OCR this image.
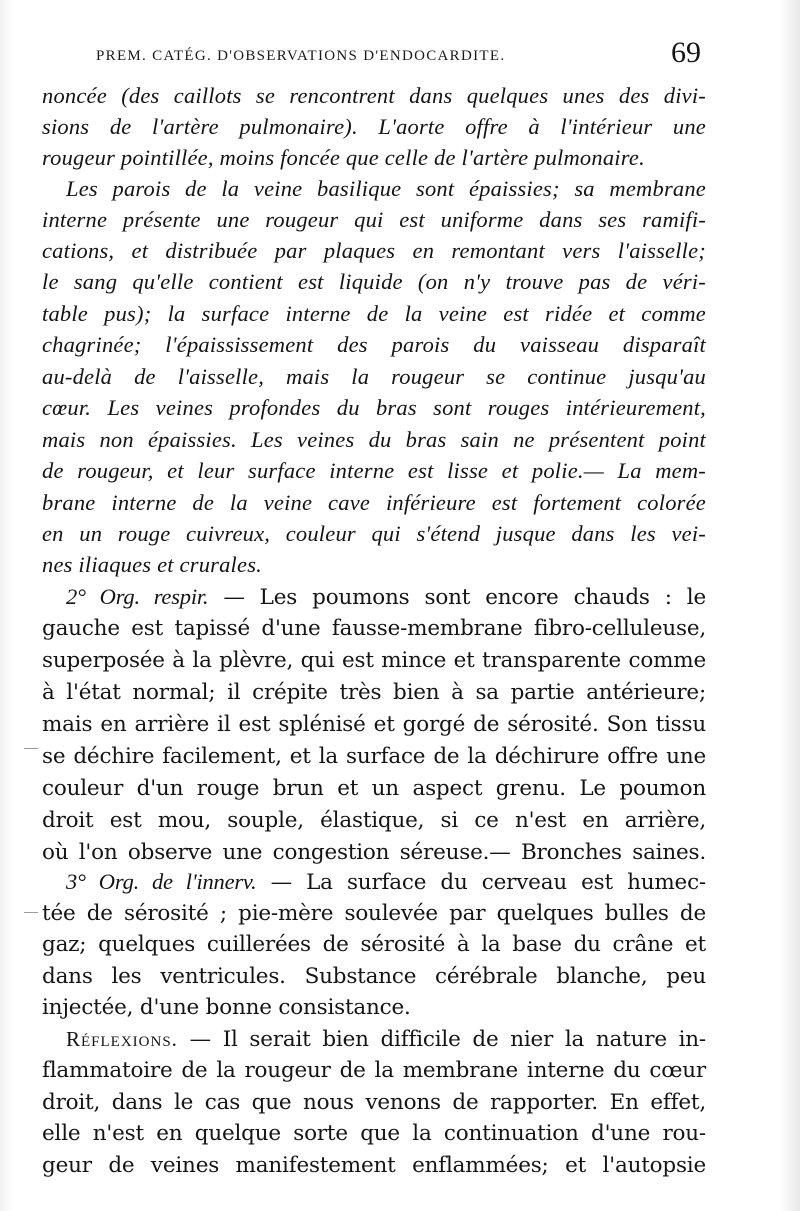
PREM. CATÉG. D'OBSERVATIONS D'ENDOCARDITE.	69
noncée (des caillots se rencontrent dans quelques unes des divi-
sions de l'artère pulmonaire). L'aorte offre à l'intérieur une
rougeur pointillée, moins foncée que celle de l'artère pulmonaire.
Les parois de la veine basilique sont épaissies; sa membrane
interne présente une rougeur qui est uniforme dans ses ramifi-
cations, et distribuée par plaques en remontant vers l'aisselle;
le sang qu'elle contient est liquide (on n'y trouve pas de véri-
table pus); la surface interne de la veine est ridée et comme
chagrinée; l'épaississement des parois du vaisseau disparaît
au-delà de l'aisselle, mais la rougeur se continue jusqu'au
cœur. Les veines profondes du bras sont rouges intérieurement,
mais non épaissies. Les veines du bras sain ne présentent point
de rougeur, et leur surface interne est lisse et polie.— La mem-
brane interne de la veine cave inférieure est fortement colorée
en un rouge cuivreux, couleur qui s'étend jusque dans les vei-
nes iliaques et crurales.
2° Org. respir. — Les poumons sont encore chauds : le
gauche est tapissé d'une fausse-membrane fibro-celluleuse,
superposée à la plèvre, qui est mince et transparente comme
à l'état normal; il crépite très bien à sa partie antérieure;
mais en arrière il est splénisé et gorgé de sérosité. Son tissu
se déchire facilement, et la surface de la déchirure offre une
couleur d'un rouge brun et un aspect grenu. Le poumon
droit est mou, souple, élastique, si ce n'est en arrière,
où l'on observe une congestion séreuse.— Bronches saines.
3° Org. de l'innerv. — La surface du cerveau est humec-
tée de sérosité ; pie-mère soulevée par quelques bulles de
gaz; quelques cuillerées de sérosité à la base du crâne et
dans les ventricules. Substance cérébrale blanche, peu
injectée, d'une bonne consistance.
Réflexions. — Il serait bien difficile de nier la nature in-
flammatoire de la rougeur de la membrane interne du cœur
droit, dans le cas que nous venons de rapporter. En effet,
elle n'est en quelque sorte que la continuation d'une rou-
geur de veines manifestement enflammées; et l'autopsie
